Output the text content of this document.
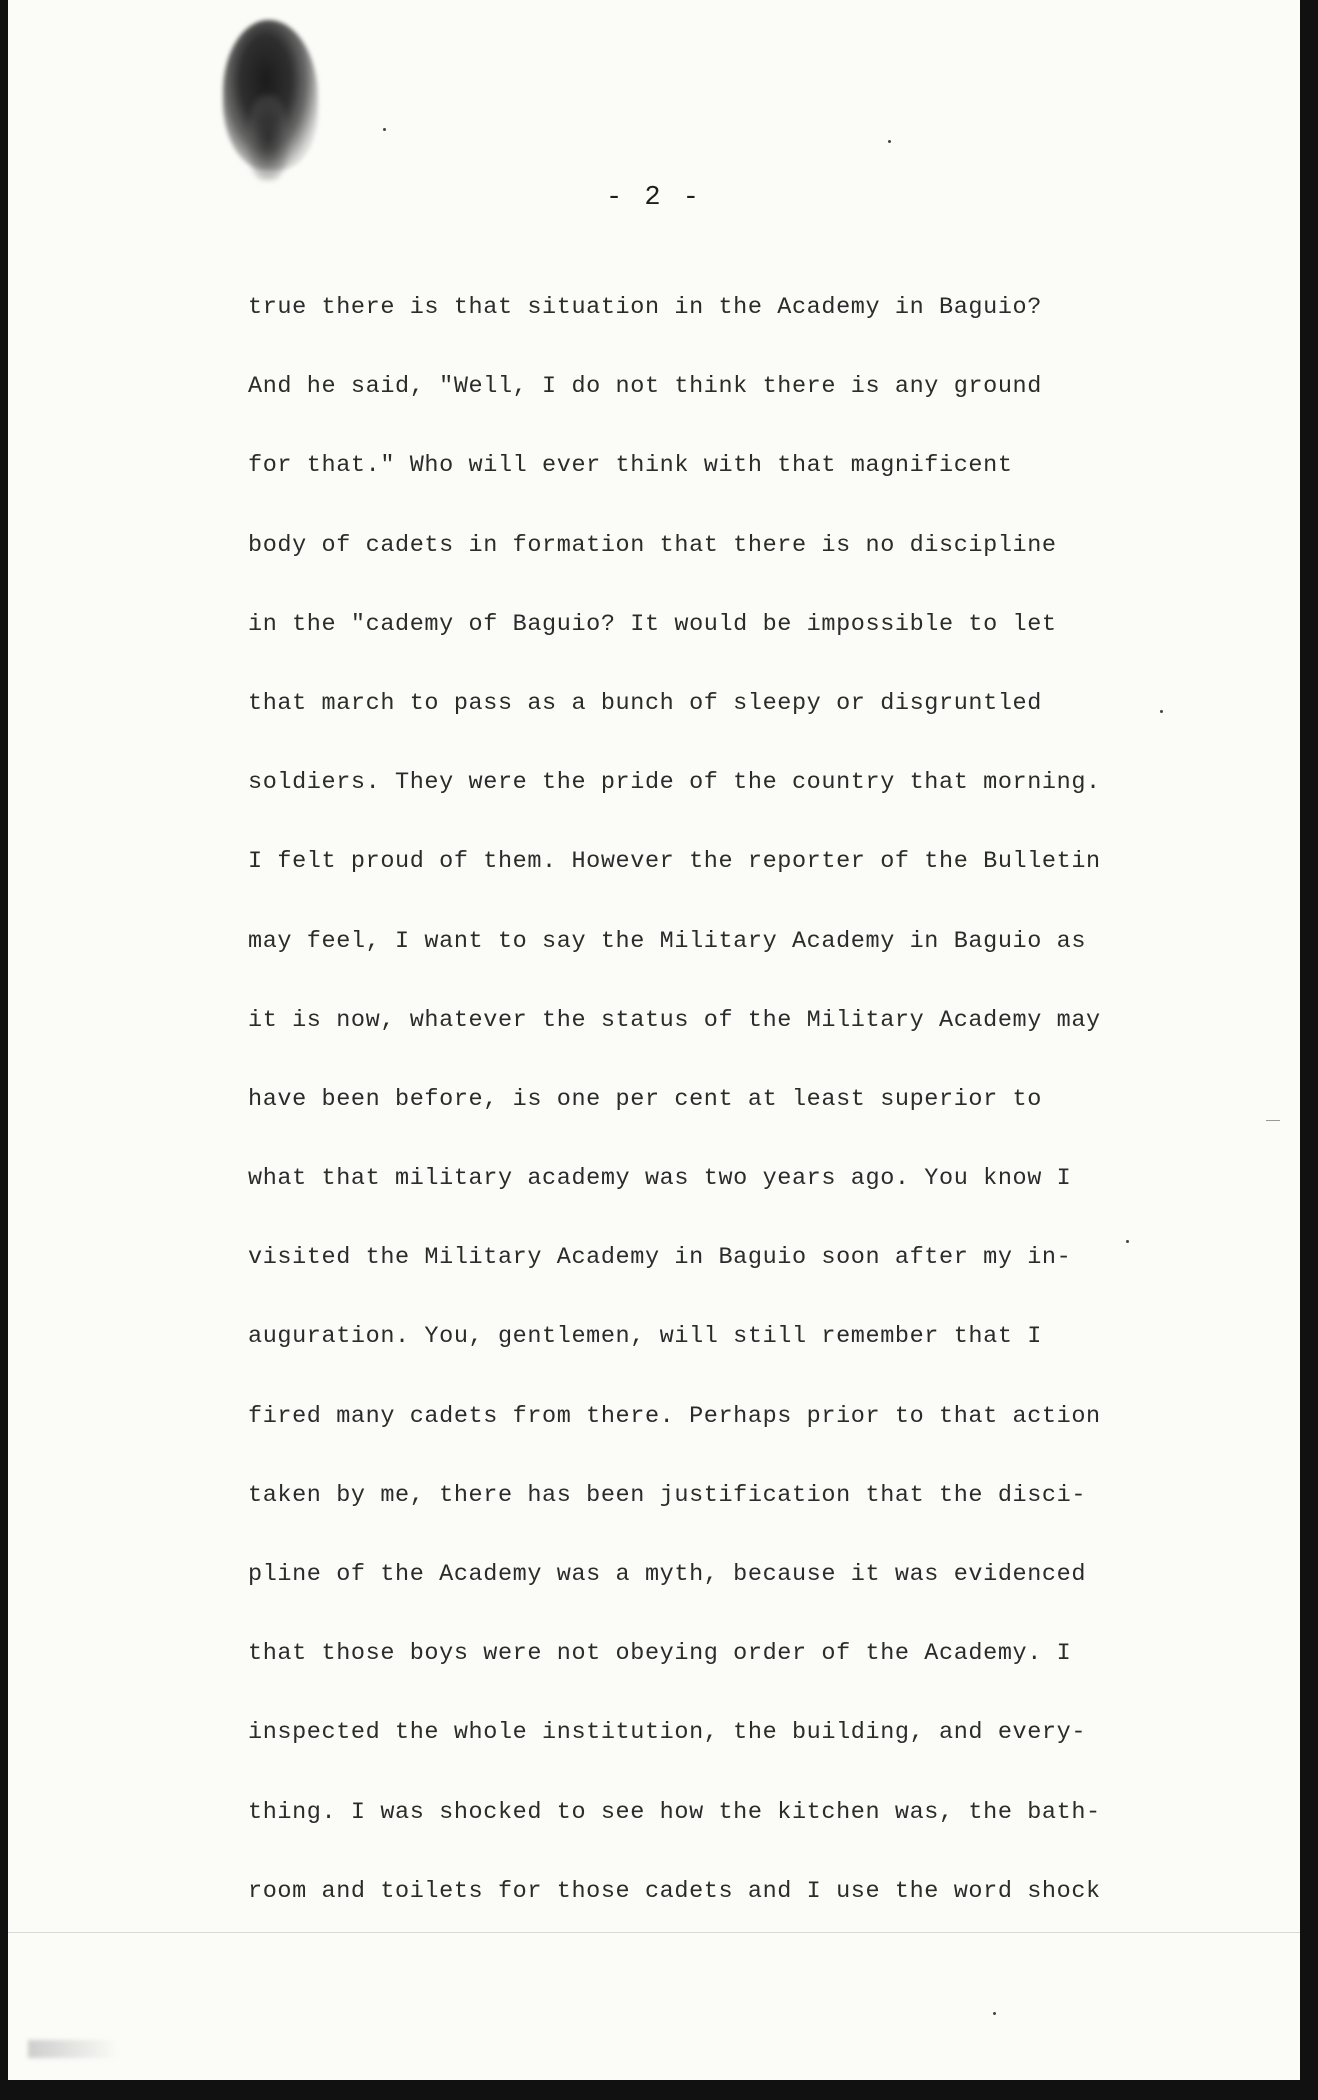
- 2 -
true there is that situation in the Academy in Baguio?
And he said, "Well, I do not think there is any ground
for that." Who will ever think with that magnificent
body of cadets in formation that there is no discipline
in the "cademy of Baguio? It would be impossible to let
that march to pass as a bunch of sleepy or disgruntled
soldiers. They were the pride of the country that morning.
I felt proud of them. However the reporter of the Bulletin
may feel, I want to say the Military Academy in Baguio as
it is now, whatever the status of the Military Academy may
have been before, is one per cent at least superior to
what that military academy was two years ago. You know I
visited the Military Academy in Baguio soon after my in-
auguration. You, gentlemen, will still remember that I
fired many cadets from there. Perhaps prior to that action
taken by me, there has been justification that the disci-
pline of the Academy was a myth, because it was evidenced
that those boys were not obeying order of the Academy. I
inspected the whole institution, the building, and every-
thing. I was shocked to see how the kitchen was, the bath-
room and toilets for those cadets and I use the word shock
